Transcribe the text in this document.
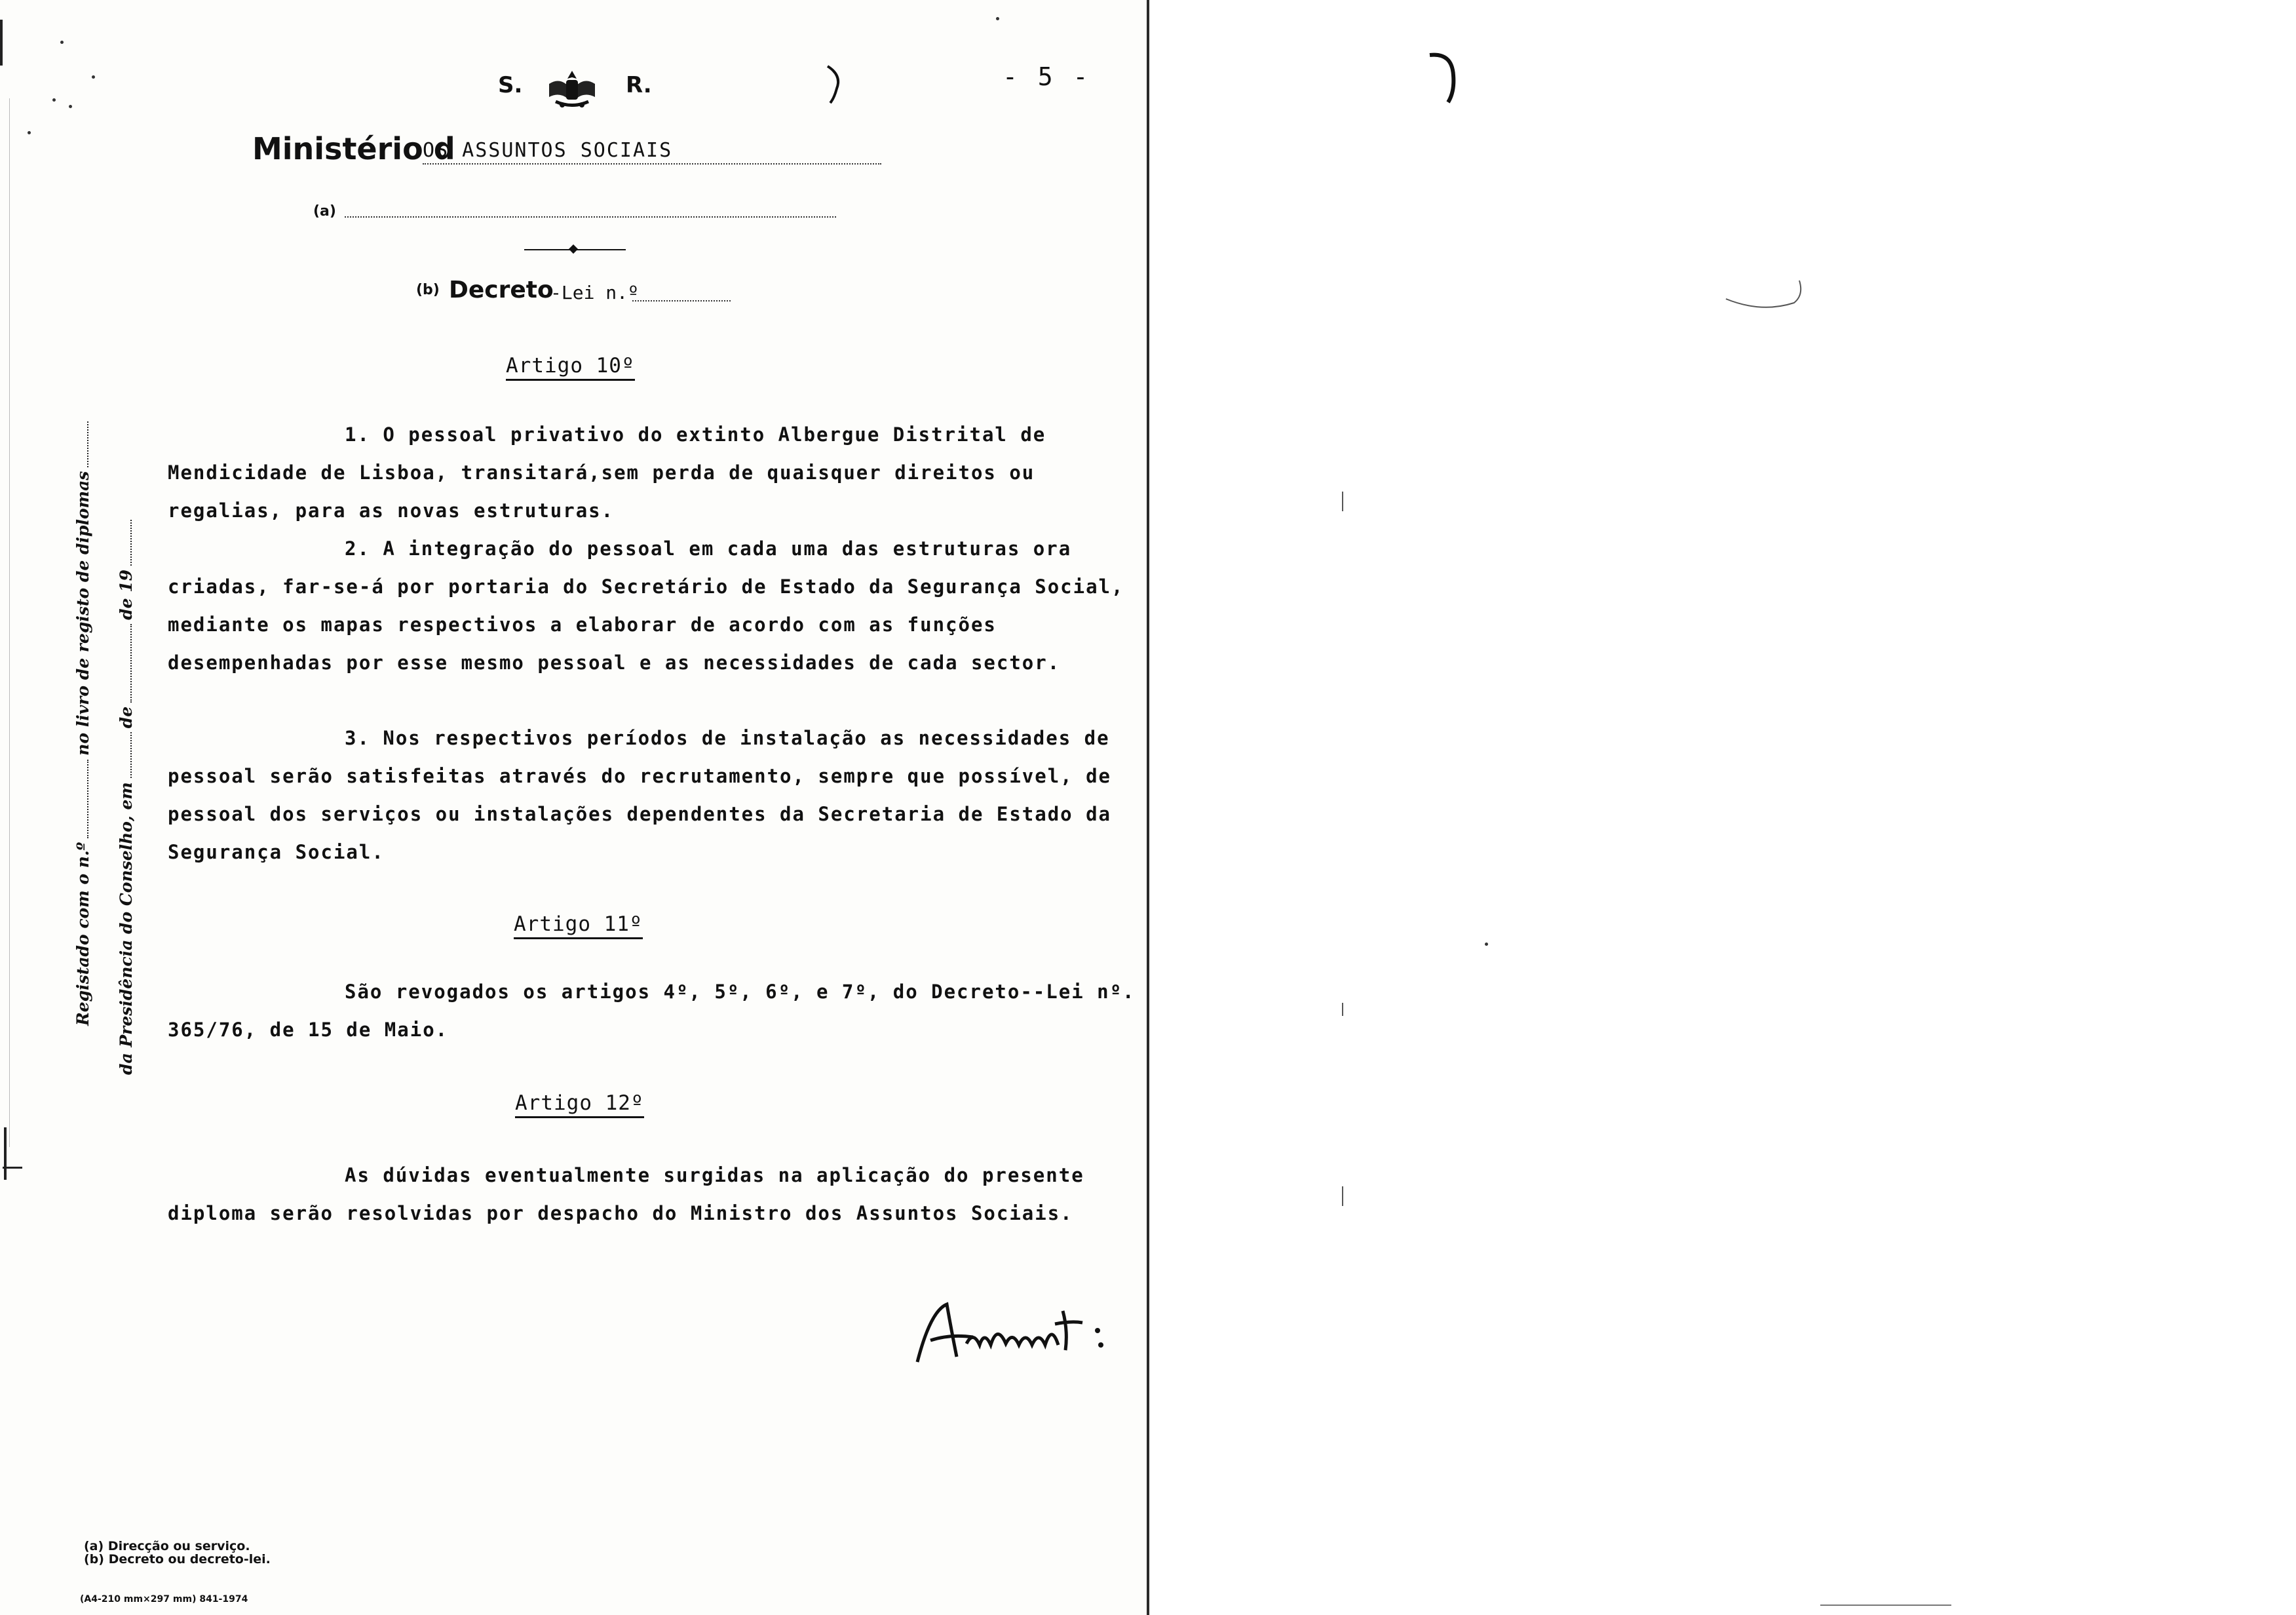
S.	R.	- 5 -
Ministério d
OS ASSUNTOS SOCIAIS
(a)
(b) Decreto
-Lei n.º
Artigo 10º
1. O pessoal privativo do extinto Albergue Distrital de Mendicidade de Lisboa, transitará,sem perda de quaisquer direitos ou regalias, para as novas estruturas.
2. A integração do pessoal em cada uma das estruturas ora criadas, far-se-á por portaria do Secretário de Estado da Segurança Social, mediante os mapas respectivos a elaborar de acordo com as funções desempenhadas por esse mesmo pessoal e as necessidades de cada sector.
3. Nos respectivos períodos de instalação as necessidades de pessoal serão satisfeitas através do recrutamento, sempre que possível, de pessoal dos serviços ou instalações dependentes da Secretaria de Estado da Segurança Social.
Artigo 11º
São revogados os artigos 4º, 5º, 6º, e 7º, do Decreto--Lei nº. 365/76, de 15 de Maio.
Artigo 12º
As dúvidas eventualmente surgidas na aplicação do presente diploma serão resolvidas por despacho do Ministro dos Assuntos Sociais.
Registado com o n.ºno livro de registo de diplomas
da Presidência do Conselho, emdede 19
(a) Direcção ou serviço.
(b) Decreto ou decreto-lei.
(A4-210 mm×297 mm) 841-1974
